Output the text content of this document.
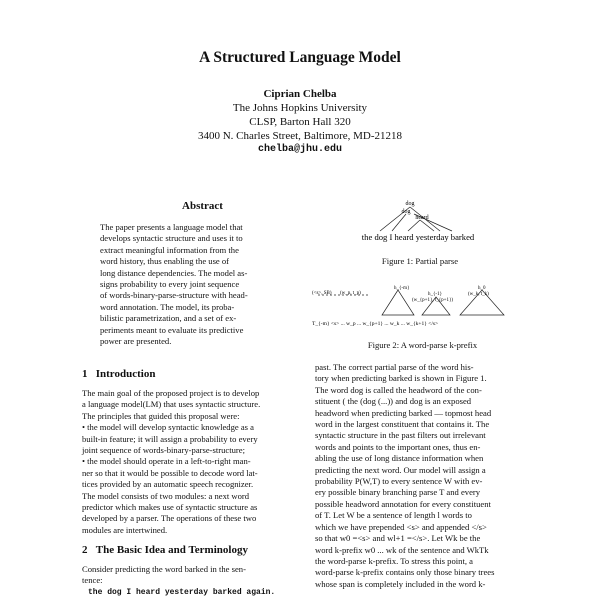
A Structured Language Model
Ciprian Chelba
The Johns Hopkins University
CLSP, Barton Hall 320
3400 N. Charles Street, Baltimore, MD-21218
chelba@jhu.edu
Abstract
The paper presents a language model that
develops syntactic structure and uses it to
extract meaningful information from the
word history, thus enabling the use of
long distance dependencies. The model as-
signs probability to every joint sequence
of words-binary-parse-structure with head-
word annotation. The model, its proba-
bilistic parametrization, and a set of ex-
periments meant to evaluate its predictive
power are presented.
dog
dog
heard
the dog I heard yesterday barked
Figure 1: Partial parse
(<s>, SB) (w_p, t_p)
(w_{p+1}, t_{p+1})
(w_k, t_k)
h_{-m}
h_{-1}
h_0
T_{-m} <s> ... w_p ... w_{p+1} ... w_k ... w_{k+1} </s>
Figure 2: A word-parse k-prefix
1 Introduction
The main goal of the proposed project is to develop
a language model(LM) that uses syntactic structure.
The principles that guided this proposal were:
• the model will develop syntactic knowledge as a
built-in feature; it will assign a probability to every
joint sequence of words-binary-parse-structure;
• the model should operate in a left-to-right man-
ner so that it would be possible to decode word lat-
tices provided by an automatic speech recognizer.
The model consists of two modules: a next word
predictor which makes use of syntactic structure as
developed by a parser. The operations of these two
modules are intertwined.
2 The Basic Idea and Terminology
Consider predicting the word barked in the sen-
tence:
the dog I heard yesterday barked again.
past. The correct partial parse of the word his-
tory when predicting barked is shown in Figure 1.
The word dog is called the headword of the con-
stituent ( the (dog (...)) and dog is an exposed
headword when predicting barked — topmost head
word in the largest constituent that contains it. The
syntactic structure in the past filters out irrelevant
words and points to the important ones, thus en-
abling the use of long distance information when
predicting the next word. Our model will assign a
probability P(W,T) to every sentence W with ev-
ery possible binary branching parse T and every
possible headword annotation for every constituent
of T. Let W be a sentence of length l words to
which we have prepended <s> and appended </s>
so that w0 =<s> and wl+1 =</s>. Let Wk be the
word k-prefix w0 ... wk of the sentence and WkTk
the word-parse k-prefix. To stress this point, a
word-parse k-prefix contains only those binary trees
whose span is completely included in the word k-
